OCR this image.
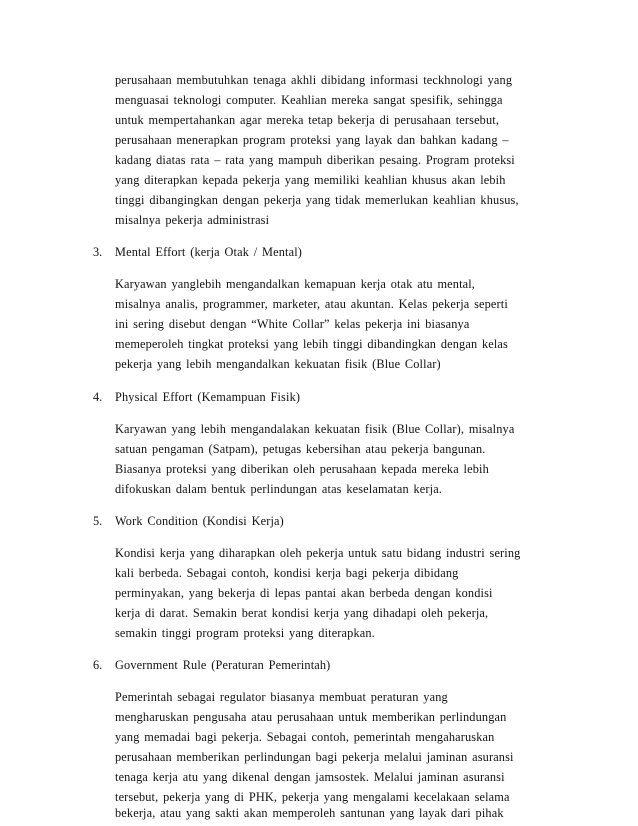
perusahaan membutuhkan tenaga akhli dibidang informasi teckhnologi yang
menguasai teknologi computer. Keahlian mereka sangat spesifik, sehingga
untuk mempertahankan agar mereka tetap bekerja di perusahaan tersebut,
perusahaan menerapkan program proteksi yang layak dan bahkan kadang –
kadang diatas rata – rata yang mampuh diberikan pesaing. Program proteksi
yang diterapkan kepada pekerja yang memiliki keahlian khusus akan lebih
tinggi dibangingkan dengan pekerja yang tidak memerlukan keahlian khusus,
misalnya pekerja administrasi
3. Mental Effort (kerja Otak / Mental)
Karyawan yanglebih mengandalkan kemapuan kerja otak atu mental,
misalnya analis, programmer, marketer, atau akuntan. Kelas pekerja seperti
ini sering disebut dengan “White Collar” kelas pekerja ini biasanya
memeperoleh tingkat proteksi yang lebih tinggi dibandingkan dengan kelas
pekerja yang lebih mengandalkan kekuatan fisik (Blue Collar)
4. Physical Effort (Kemampuan Fisik)
Karyawan yang lebih mengandalakan kekuatan fisik (Blue Collar), misalnya
satuan pengaman (Satpam), petugas kebersihan atau pekerja bangunan.
Biasanya proteksi yang diberikan oleh perusahaan kepada mereka lebih
difokuskan dalam bentuk perlindungan atas keselamatan kerja.
5. Work Condition (Kondisi Kerja)
Kondisi kerja yang diharapkan oleh pekerja untuk satu bidang industri sering
kali berbeda. Sebagai contoh, kondisi kerja bagi pekerja dibidang
perminyakan, yang bekerja di lepas pantai akan berbeda dengan kondisi
kerja di darat. Semakin berat kondisi kerja yang dihadapi oleh pekerja,
semakin tinggi program proteksi yang diterapkan.
6. Government Rule (Peraturan Pemerintah)
Pemerintah sebagai regulator biasanya membuat peraturan yang
mengharuskan pengusaha atau perusahaan untuk memberikan perlindungan
yang memadai bagi pekerja. Sebagai contoh, pemerintah mengaharuskan
perusahaan memberikan perlindungan bagi pekerja melalui jaminan asuransi
tenaga kerja atu yang dikenal dengan jamsostek. Melalui jaminan asuransi
tersebut, pekerja yang di PHK, pekerja yang mengalami kecelakaan selama
bekerja, atau yang sakti akan memperoleh santunan yang layak dari pihak
